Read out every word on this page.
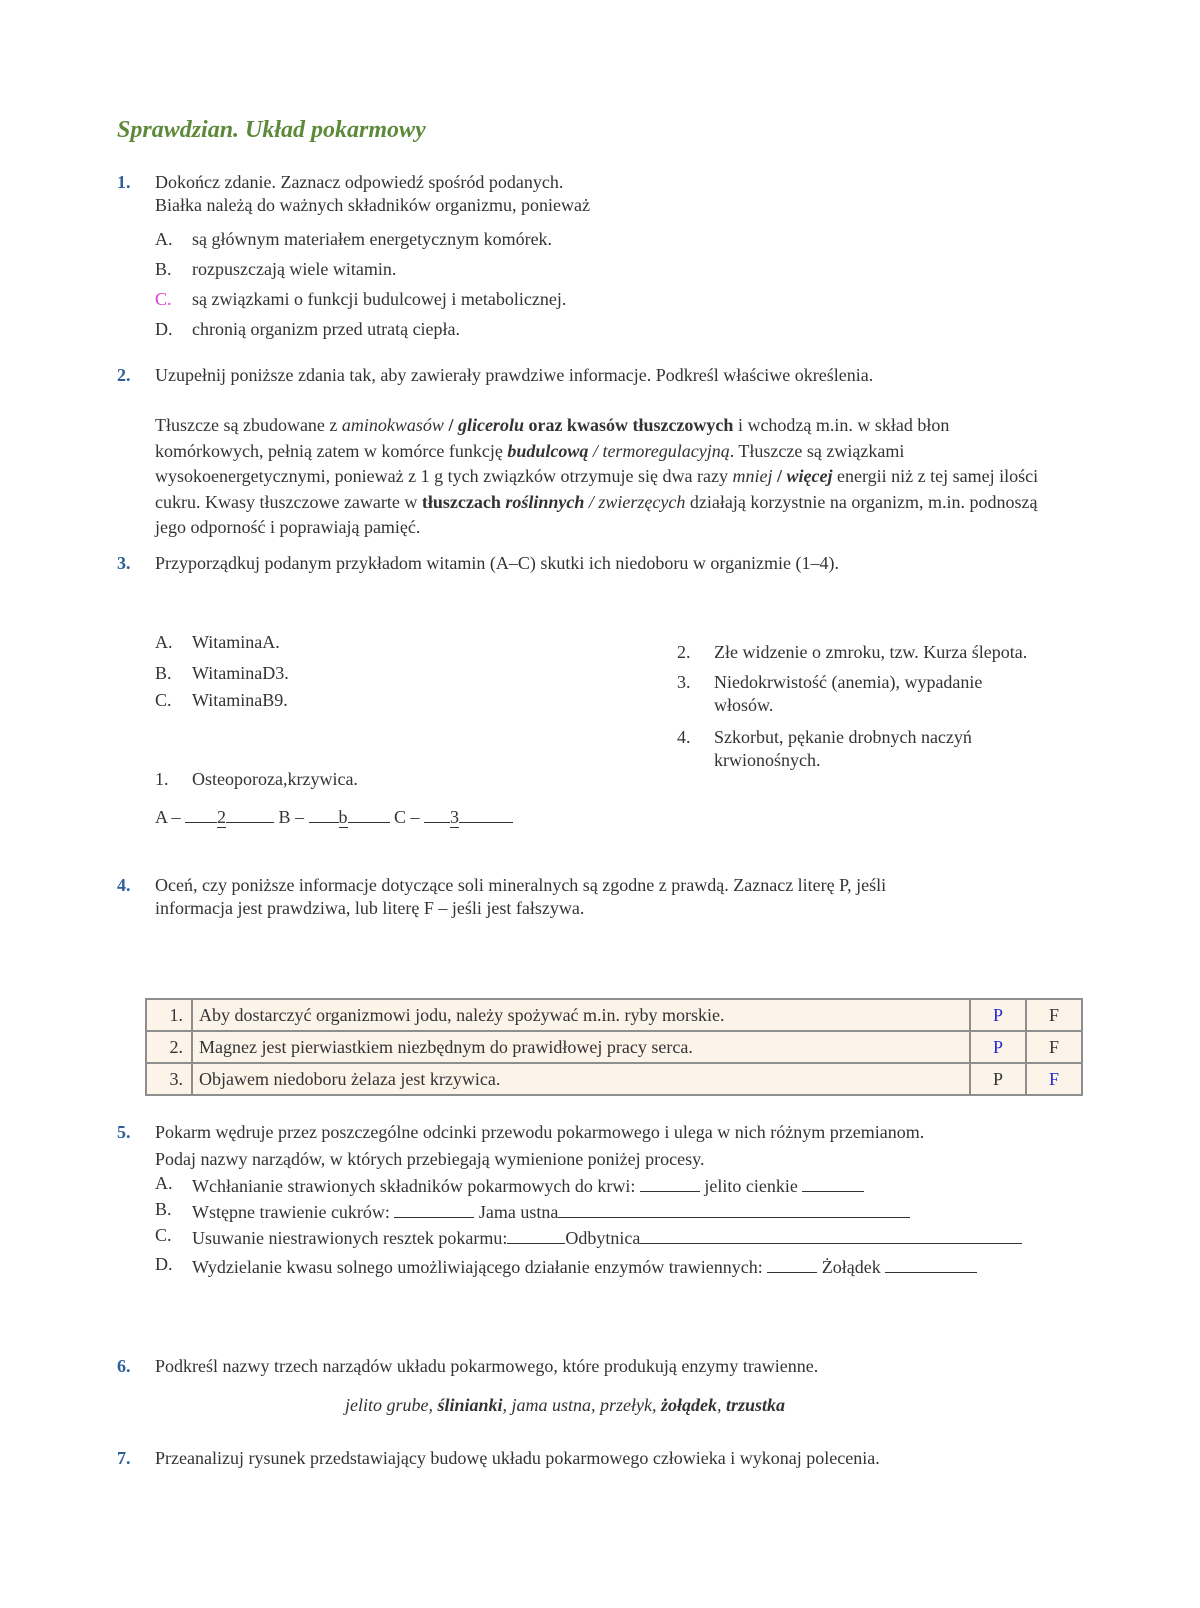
Sprawdzian. Układ pokarmowy
1. Dokończ zdanie. Zaznacz odpowiedź spośród podanych.
Białka należą do ważnych składników organizmu, ponieważ
A. są głównym materiałem energetycznym komórek.
B. rozpuszczają wiele witamin.
C. są związkami o funkcji budulcowej i metabolicznej.
D. chronią organizm przed utratą ciepła.
2. Uzupełnij poniższe zdania tak, aby zawierały prawdziwe informacje. Podkreśl właściwe określenia.
Tłuszcze są zbudowane z aminokwasów / glicerolu oraz kwasów tłuszczowych i wchodzą m.in. w skład błon komórkowych, pełnią zatem w komórce funkcję budulcową / termoregulacyjną. Tłuszcze są związkami wysokoenergetycznymi, ponieważ z 1 g tych związków otrzymuje się dwa razy mniej / więcej energii niż z tej samej ilości cukru. Kwasy tłuszczowe zawarte w tłuszczach roślinnych / zwierzęcych działają korzystnie na organizm, m.in. podnoszą jego odporność i poprawiają pamięć.
3. Przyporządkuj podanym przykładom witamin (A–C) skutki ich niedoboru w organizmie (1–4).
A. WitaminaA.
B. WitaminaD3.
C. WitaminaB9.
1. Osteoporoza,krzywica.
2. Złe widzenie o zmroku, tzw. Kurza ślepota.
3. Niedokrwistość (anemia), wypadanie
włosów.
4. Szkorbut, pękanie drobnych naczyń
krwionośnych.
A – 2	B – b	C – 3
4. Oceń, czy poniższe informacje dotyczące soli mineralnych są zgodne z prawdą. Zaznacz literę P, jeśli
informacja jest prawdziwa, lub literę F – jeśli jest fałszywa.
1.	Aby dostarczyć organizmowi jodu, należy spożywać m.in. ryby morskie.	P	F
2.	Magnez jest pierwiastkiem niezbędnym do prawidłowej pracy serca.	P	F
3.	Objawem niedoboru żelaza jest krzywica.	P	F
5. Pokarm wędruje przez poszczególne odcinki przewodu pokarmowego i ulega w nich różnym przemianom.
Podaj nazwy narządów, w których przebiegają wymienione poniżej procesy.
A. Wchłanianie strawionych składników pokarmowych do krwi:	jelito cienkie
B. Wstępne trawienie cukrów:	Jama ustna
C. Usuwanie niestrawionych resztek pokarmu:	Odbytnica
D. Wydzielanie kwasu solnego umożliwiającego działanie enzymów trawiennych:	Żołądek
6. Podkreśl nazwy trzech narządów układu pokarmowego, które produkują enzymy trawienne.
jelito grube, ślinianki, jama ustna, przełyk, żołądek, trzustka
7. Przeanalizuj rysunek przedstawiający budowę układu pokarmowego człowieka i wykonaj polecenia.
